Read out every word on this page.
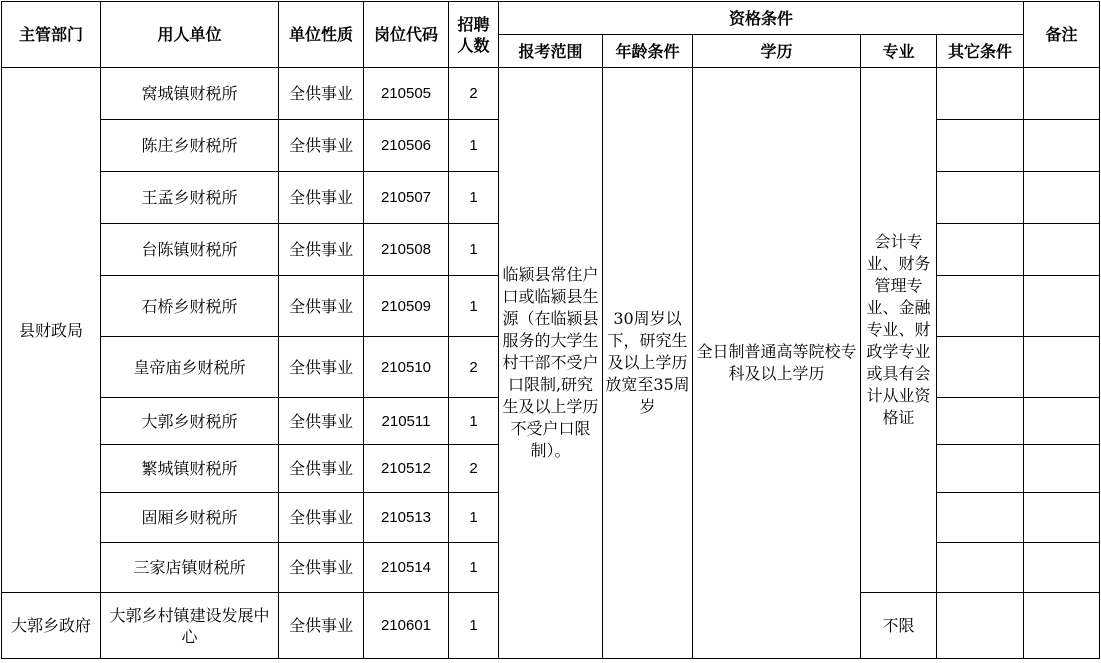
主管部门	用人单位	单位性质	岗位代码	招聘人数	资格条件					备注
					报考范围	年龄条件	学历	专业	其它条件	
县财政局	窝城镇财税所	全供事业	210505	2	临颍县常住户口或临颍县生源（在临颍县服务的大学生村干部不受户口限制,研究生及以上学历不受户口限制）。	30周岁以下，研究生及以上学历放宽至35周岁	全日制普通高等院校专科及以上学历	会计专业、财务管理专业、金融专业、财政学专业或具有会计从业资格证		
	陈庄乡财税所	全供事业	210506	1						
	王孟乡财税所	全供事业	210507	1						
	台陈镇财税所	全供事业	210508	1						
	石桥乡财税所	全供事业	210509	1						
	皇帝庙乡财税所	全供事业	210510	2						
	大郭乡财税所	全供事业	210511	1						
	繁城镇财税所	全供事业	210512	2						
	固厢乡财税所	全供事业	210513	1						
	三家店镇财税所	全供事业	210514	1						
大郭乡政府	大郭乡村镇建设发展中心	全供事业	210601	1				不限		
